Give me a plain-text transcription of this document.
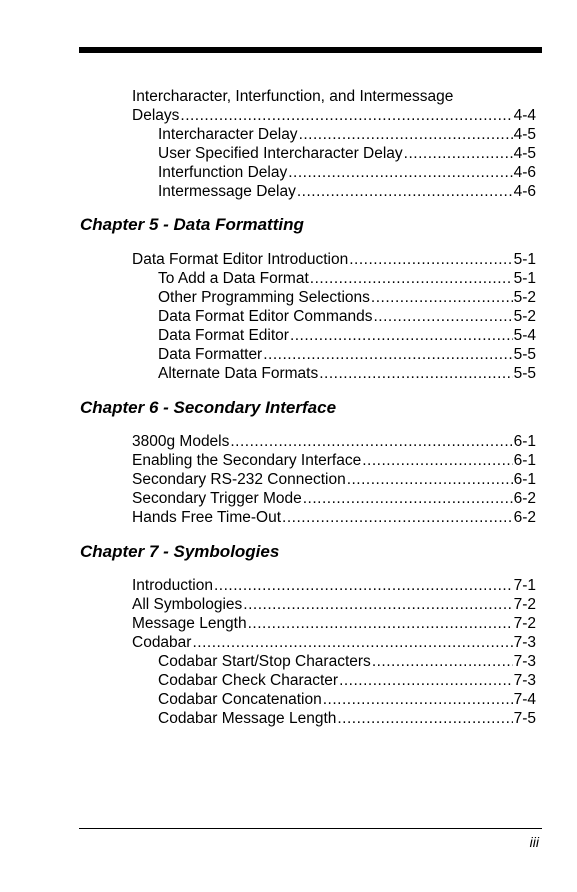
Intercharacter, Interfunction, and Intermessage
Delays .....	4-4
Intercharacter Delay .....	4-5
User Specified Intercharacter Delay .....	4-5
Interfunction Delay .....	4-6
Intermessage Delay .....	4-6
Chapter 5 - Data Formatting
Data Format Editor Introduction .....	5-1
To Add a Data Format .....	5-1
Other Programming Selections .....	5-2
Data Format Editor Commands .....	5-2
Data Format Editor .....	5-4
Data Formatter .....	5-5
Alternate Data Formats .....	5-5
Chapter 6 - Secondary Interface
3800g Models .....	6-1
Enabling the Secondary Interface .....	6-1
Secondary RS-232 Connection .....	6-1
Secondary Trigger Mode .....	6-2
Hands Free Time-Out .....	6-2
Chapter 7 - Symbologies
Introduction .....	7-1
All Symbologies .....	7-2
Message Length .....	7-2
Codabar .....	7-3
Codabar Start/Stop Characters .....	7-3
Codabar Check Character .....	7-3
Codabar Concatenation .....	7-4
Codabar Message Length .....	7-5
iii
